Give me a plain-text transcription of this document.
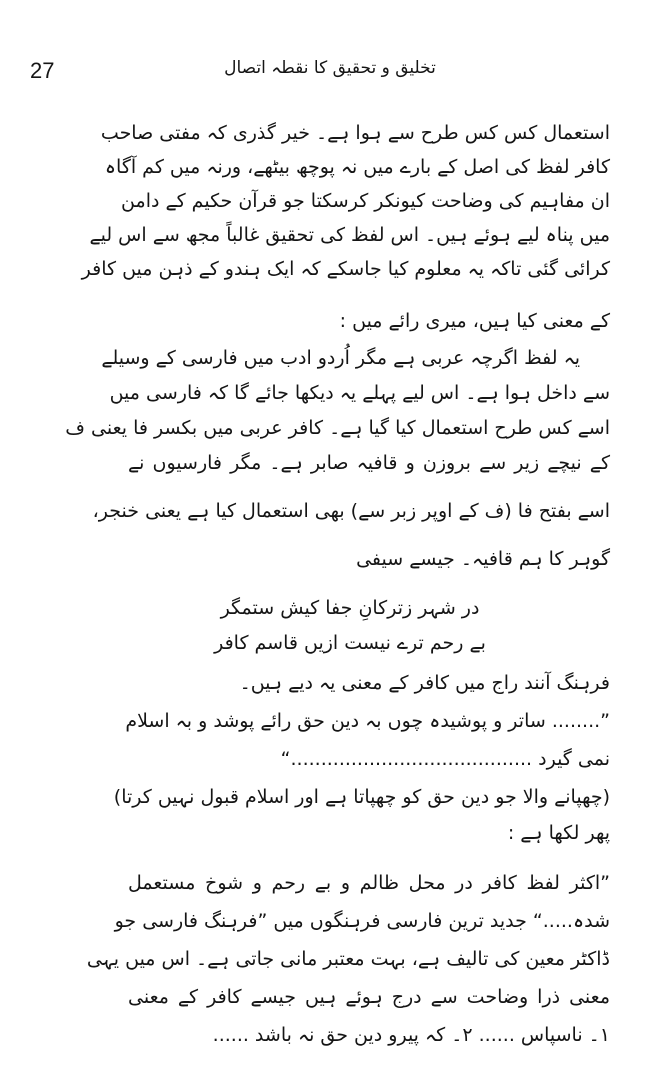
27	تخلیق و تحقیق کا نقطہ اتصال
استعمال کس کس طرح سے ہوا ہے۔ خیر گذری کہ مفتی صاحب
کافر لفظ کی اصل کے بارے میں نہ پوچھ بیٹھے، ورنہ میں کم آگاہ
ان مفاہیم کی وضاحت کیونکر کرسکتا جو قرآن حکیم کے دامن
میں پناہ لیے ہوئے ہیں۔ اس لفظ کی تحقیق غالباً مجھ سے اس لیے
کرائی گئی تاکہ یہ معلوم کیا جاسکے کہ ایک ہندو کے ذہن میں کافر
کے معنی کیا ہیں، میری رائے میں :
یہ لفظ اگرچہ عربی ہے مگر اُردو ادب میں فارسی کے وسیلے
سے داخل ہوا ہے۔ اس لیے پہلے یہ دیکھا جائے گا کہ فارسی میں
اسے کس طرح استعمال کیا گیا ہے۔ کافر عربی میں بکسر فا یعنی ف
کے نیچے زیر سے بروزن و قافیہ صابر ہے۔ مگر فارسیوں نے
اسے بفتح فا (ف کے اوپر زبر سے) بھی استعمال کیا ہے یعنی خنجر،
گوہر کا ہم قافیہ۔ جیسے سیفی
در شہر زترکانِ جفا کیش ستمگر
بے رحم ترے نیست ازیں قاسم کافر
فرہنگ آنند راج میں کافر کے معنی یہ دیے ہیں۔
”........ ساتر و پوشیدہ چوں بہ دین حق رائے پوشد و بہ اسلام
نمی گیرد ........................................“
(چھپانے والا جو دین حق کو چھپاتا ہے اور اسلام قبول نہیں کرتا)
پھر لکھا ہے :
”اکثر لفظ کافر در محل ظالم و بے رحم و شوخ مستعمل
شدہ.....“ جدید ترین فارسی فرہنگوں میں ”فرہنگ فارسی جو
ڈاکٹر معین کی تالیف ہے، بہت معتبر مانی جاتی ہے۔ اس میں یہی
معنی ذرا وضاحت سے درج ہوئے ہیں جیسے کافر کے معنی
۱۔ ناسپاس ...... ۲۔ کہ پیرو دین حق نہ باشد ......
